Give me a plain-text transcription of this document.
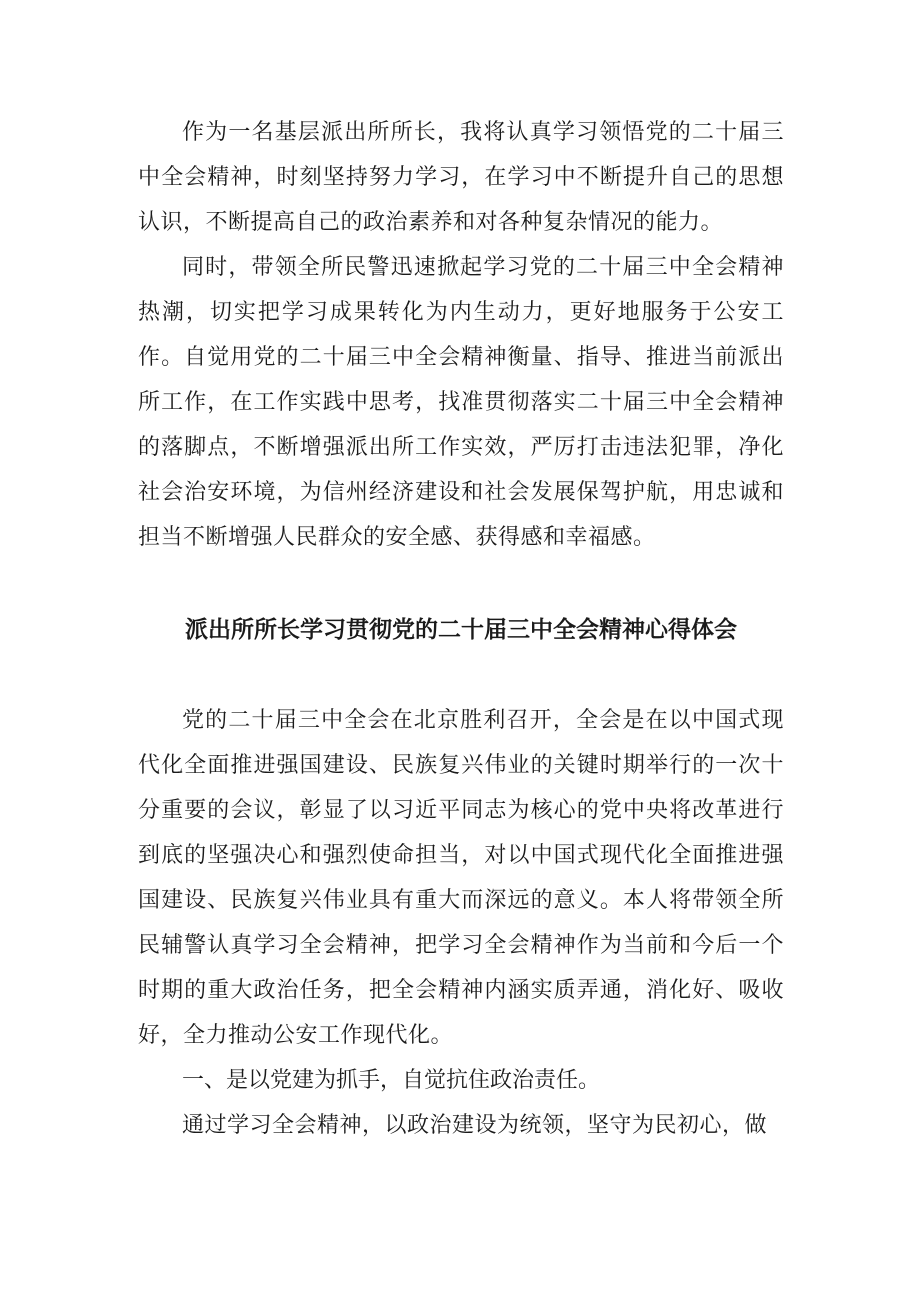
作为一名基层派出所所长，我将认真学习领悟党的二十届三中全会精神，时刻坚持努力学习，在学习中不断提升自己的思想认识，不断提高自己的政治素养和对各种复杂情况的能力。

同时，带领全所民警迅速掀起学习党的二十届三中全会精神热潮，切实把学习成果转化为内生动力，更好地服务于公安工作。自觉用党的二十届三中全会精神衡量、指导、推进当前派出所工作，在工作实践中思考，找准贯彻落实二十届三中全会精神的落脚点，不断增强派出所工作实效，严厉打击违法犯罪，净化社会治安环境，为信州经济建设和社会发展保驾护航，用忠诚和担当不断增强人民群众的安全感、获得感和幸福感。

派出所所长学习贯彻党的二十届三中全会精神心得体会

党的二十届三中全会在北京胜利召开，全会是在以中国式现代化全面推进强国建设、民族复兴伟业的关键时期举行的一次十分重要的会议，彰显了以习近平同志为核心的党中央将改革进行到底的坚强决心和强烈使命担当，对以中国式现代化全面推进强国建设、民族复兴伟业具有重大而深远的意义。本人将带领全所民辅警认真学习全会精神，把学习全会精神作为当前和今后一个时期的重大政治任务，把全会精神内涵实质弄通，消化好、吸收好，全力推动公安工作现代化。

一、是以党建为抓手，自觉抗住政治责任。

通过学习全会精神，以政治建设为统领，坚守为民初心，做
